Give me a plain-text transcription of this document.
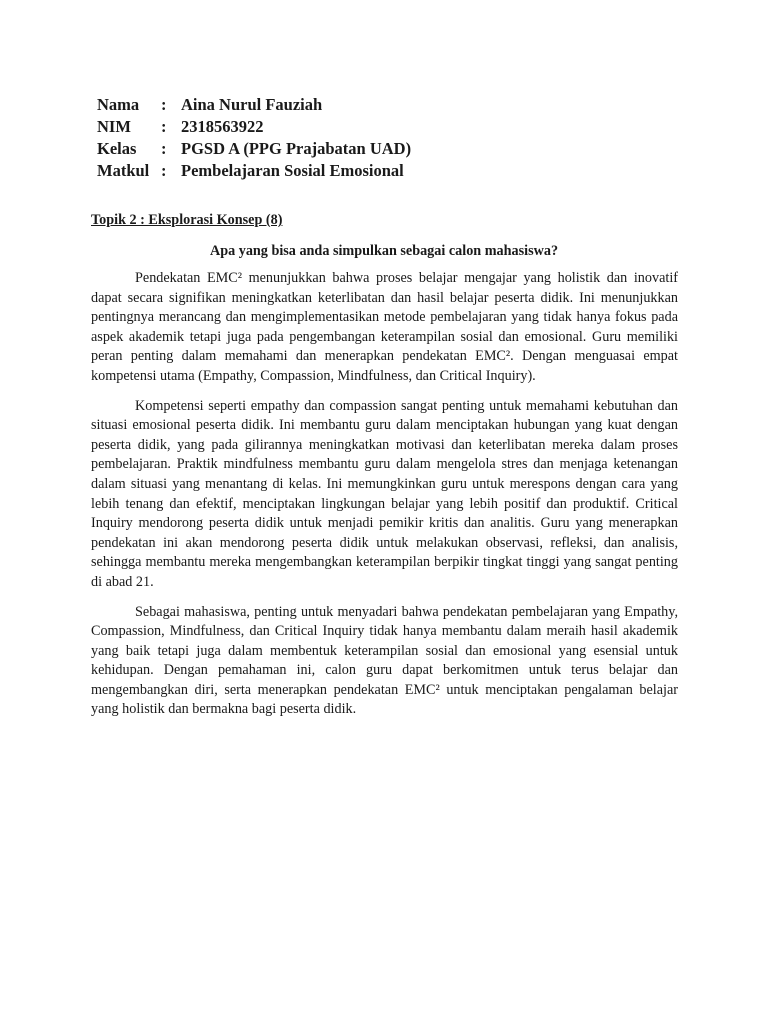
Nama	:	Aina Nurul Fauziah
NIM	:	2318563922
Kelas	:	PGSD A (PPG Prajabatan UAD)
Matkul	:	Pembelajaran Sosial Emosional
Topik 2 : Eksplorasi Konsep (8)
Apa yang bisa anda simpulkan sebagai calon mahasiswa?

Pendekatan EMC² menunjukkan bahwa proses belajar mengajar yang holistik dan inovatif dapat secara signifikan meningkatkan keterlibatan dan hasil belajar peserta didik. Ini menunjukkan pentingnya merancang dan mengimplementasikan metode pembelajaran yang tidak hanya fokus pada aspek akademik tetapi juga pada pengembangan keterampilan sosial dan emosional. Guru memiliki peran penting dalam memahami dan menerapkan pendekatan EMC². Dengan menguasai empat kompetensi utama (Empathy, Compassion, Mindfulness, dan Critical Inquiry).

Kompetensi seperti empathy dan compassion sangat penting untuk memahami kebutuhan dan situasi emosional peserta didik. Ini membantu guru dalam menciptakan hubungan yang kuat dengan peserta didik, yang pada gilirannya meningkatkan motivasi dan keterlibatan mereka dalam proses pembelajaran. Praktik mindfulness membantu guru dalam mengelola stres dan menjaga ketenangan dalam situasi yang menantang di kelas. Ini memungkinkan guru untuk merespons dengan cara yang lebih tenang dan efektif, menciptakan lingkungan belajar yang lebih positif dan produktif. Critical Inquiry mendorong peserta didik untuk menjadi pemikir kritis dan analitis. Guru yang menerapkan pendekatan ini akan mendorong peserta didik untuk melakukan observasi, refleksi, dan analisis, sehingga membantu mereka mengembangkan keterampilan berpikir tingkat tinggi yang sangat penting di abad 21.

Sebagai mahasiswa, penting untuk menyadari bahwa pendekatan pembelajaran yang Empathy, Compassion, Mindfulness, dan Critical Inquiry tidak hanya membantu dalam meraih hasil akademik yang baik tetapi juga dalam membentuk keterampilan sosial dan emosional yang esensial untuk kehidupan. Dengan pemahaman ini, calon guru dapat berkomitmen untuk terus belajar dan mengembangkan diri, serta menerapkan pendekatan EMC² untuk menciptakan pengalaman belajar yang holistik dan bermakna bagi peserta didik.
